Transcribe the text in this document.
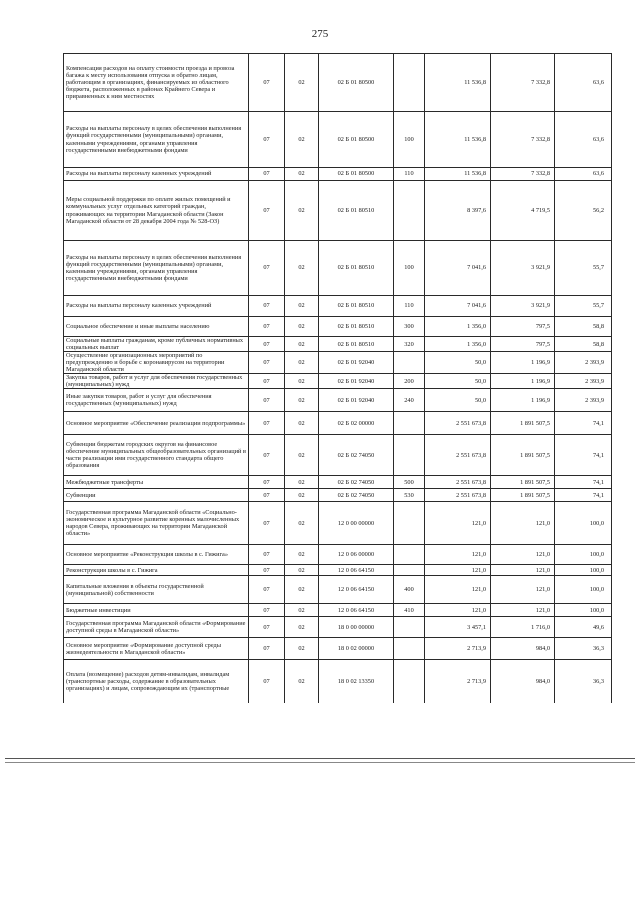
275
Компенсация расходов на оплату стоимости проезда и провоза багажа к месту использования отпуска и обратно лицам, работающим в организациях, финансируемых из областного бюджета, расположенных в районах Крайнего Севера и приравненных к ним местностях	07	02	02 Б 01 80500		11 536,8	7 332,8	63,6
Расходы на выплаты персоналу в целях обеспечения выполнения функций государственными (муниципальными) органами, казенными учреждениями, органами управления государственными внебюджетными фондами	07	02	02 Б 01 80500	100	11 536,8	7 332,8	63,6
Расходы на выплаты персоналу казенных учреждений	07	02	02 Б 01 80500	110	11 536,8	7 332,8	63,6
Меры социальной поддержки по оплате жилых помещений и коммунальных услуг отдельных категорий граждан, проживающих на территории Магаданской области (Закон Магаданской области от 28 декабря 2004 года № 528-ОЗ)	07	02	02 Б 01 80510		8 397,6	4 719,5	56,2
Расходы на выплаты персоналу в целях обеспечения выполнения функций государственными (муниципальными) органами, казенными учреждениями, органами управления государственными внебюджетными фондами	07	02	02 Б 01 80510	100	7 041,6	3 921,9	55,7
Расходы на выплаты персоналу казенных учреждений	07	02	02 Б 01 80510	110	7 041,6	3 921,9	55,7
Социальное обеспечение и иные выплаты населению	07	02	02 Б 01 80510	300	1 356,0	797,5	58,8
Социальные выплаты гражданам, кроме публичных нормативных социальных выплат	07	02	02 Б 01 80510	320	1 356,0	797,5	58,8
Осуществление организационных мероприятий по предупреждению и борьбе с коронавирусом на территории Магаданской области	07	02	02 Б 01 92040		50,0	1 196,9	2 393,9
Закупка товаров, работ и услуг для обеспечения государственных (муниципальных) нужд	07	02	02 Б 01 92040	200	50,0	1 196,9	2 393,9
Иные закупки товаров, работ и услуг для обеспечения государственных (муниципальных) нужд	07	02	02 Б 01 92040	240	50,0	1 196,9	2 393,9
Основное мероприятие «Обеспечение реализации подпрограммы»	07	02	02 Б 02 00000		2 551 673,8	1 891 507,5	74,1
Субвенции бюджетам городских округов на финансовое обеспечение муниципальных общеобразовательных организаций в части реализации ими государственного стандарта общего образования	07	02	02 Б 02 74050		2 551 673,8	1 891 507,5	74,1
Межбюджетные трансферты	07	02	02 Б 02 74050	500	2 551 673,8	1 891 507,5	74,1
Субвенции	07	02	02 Б 02 74050	530	2 551 673,8	1 891 507,5	74,1
Государственная программа Магаданской области «Социально-экономическое и культурное развитие коренных малочисленных народов Севера, проживающих на территории Магаданской области»	07	02	12 0 00 00000		121,0	121,0	100,0
Основное мероприятие «Реконструкция школы в с. Гижига»	07	02	12 0 06 00000		121,0	121,0	100,0
Реконструкция школы в с. Гижига	07	02	12 0 06 64150		121,0	121,0	100,0
Капитальные вложения в объекты государственной (муниципальной) собственности	07	02	12 0 06 64150	400	121,0	121,0	100,0
Бюджетные инвестиции	07	02	12 0 06 64150	410	121,0	121,0	100,0
Государственная программа Магаданской области «Формирование доступной среды в Магаданской области»	07	02	18 0 00 00000		3 457,1	1 716,0	49,6
Основное мероприятие «Формирование доступной среды жизнедеятельности в Магаданской области»	07	02	18 0 02 00000		2 713,9	984,0	36,3
Оплата (возмещение) расходов детям-инвалидам, инвалидам (транспортные расходы, содержание в образовательных организациях) и лицам, сопровождающим их (транспортные	07	02	18 0 02 13350		2 713,9	984,0	36,3
